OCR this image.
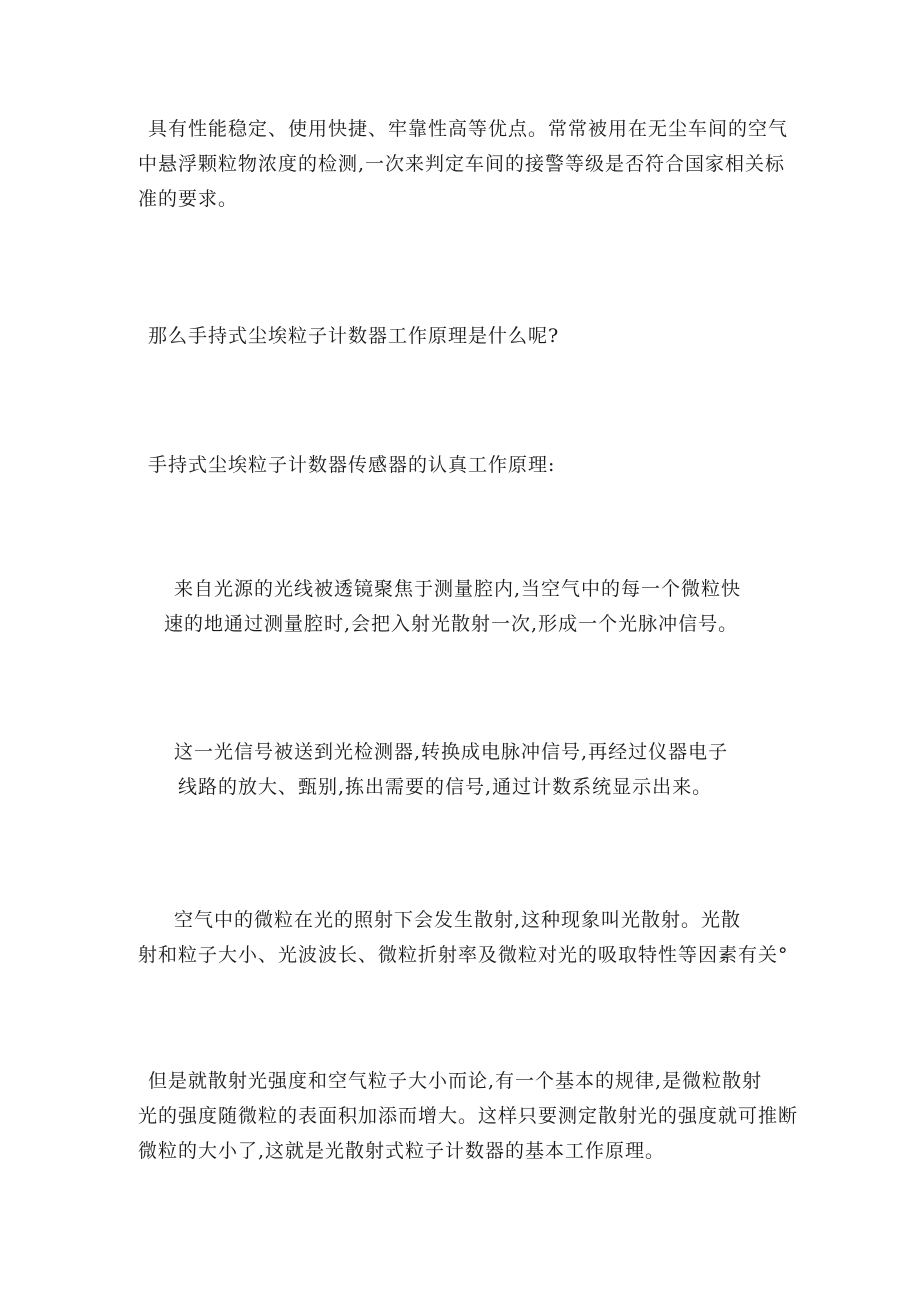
具有性能稳定、使用快捷、牢靠性高等优点。常常被用在无尘车间的空气
中悬浮颗粒物浓度的检测,一次来判定车间的接警等级是否符合国家相关标
准的要求。
那么手持式尘埃粒子计数器工作原理是什么呢?
手持式尘埃粒子计数器传感器的认真工作原理:
来自光源的光线被透镜聚焦于测量腔内,当空气中的每一个微粒快
速的地通过测量腔时,会把入射光散射一次,形成一个光脉冲信号。
这一光信号被送到光检测器,转换成电脉冲信号,再经过仪器电子
线路的放大、甄别,拣出需要的信号,通过计数系统显示出来。
空气中的微粒在光的照射下会发生散射,这种现象叫光散射。光散
射和粒子大小、光波波长、微粒折射率及微粒对光的吸取特性等因素有关°
但是就散射光强度和空气粒子大小而论,有一个基本的规律,是微粒散射
光的强度随微粒的表面积加添而增大。这样只要测定散射光的强度就可推断
微粒的大小了,这就是光散射式粒子计数器的基本工作原理。
